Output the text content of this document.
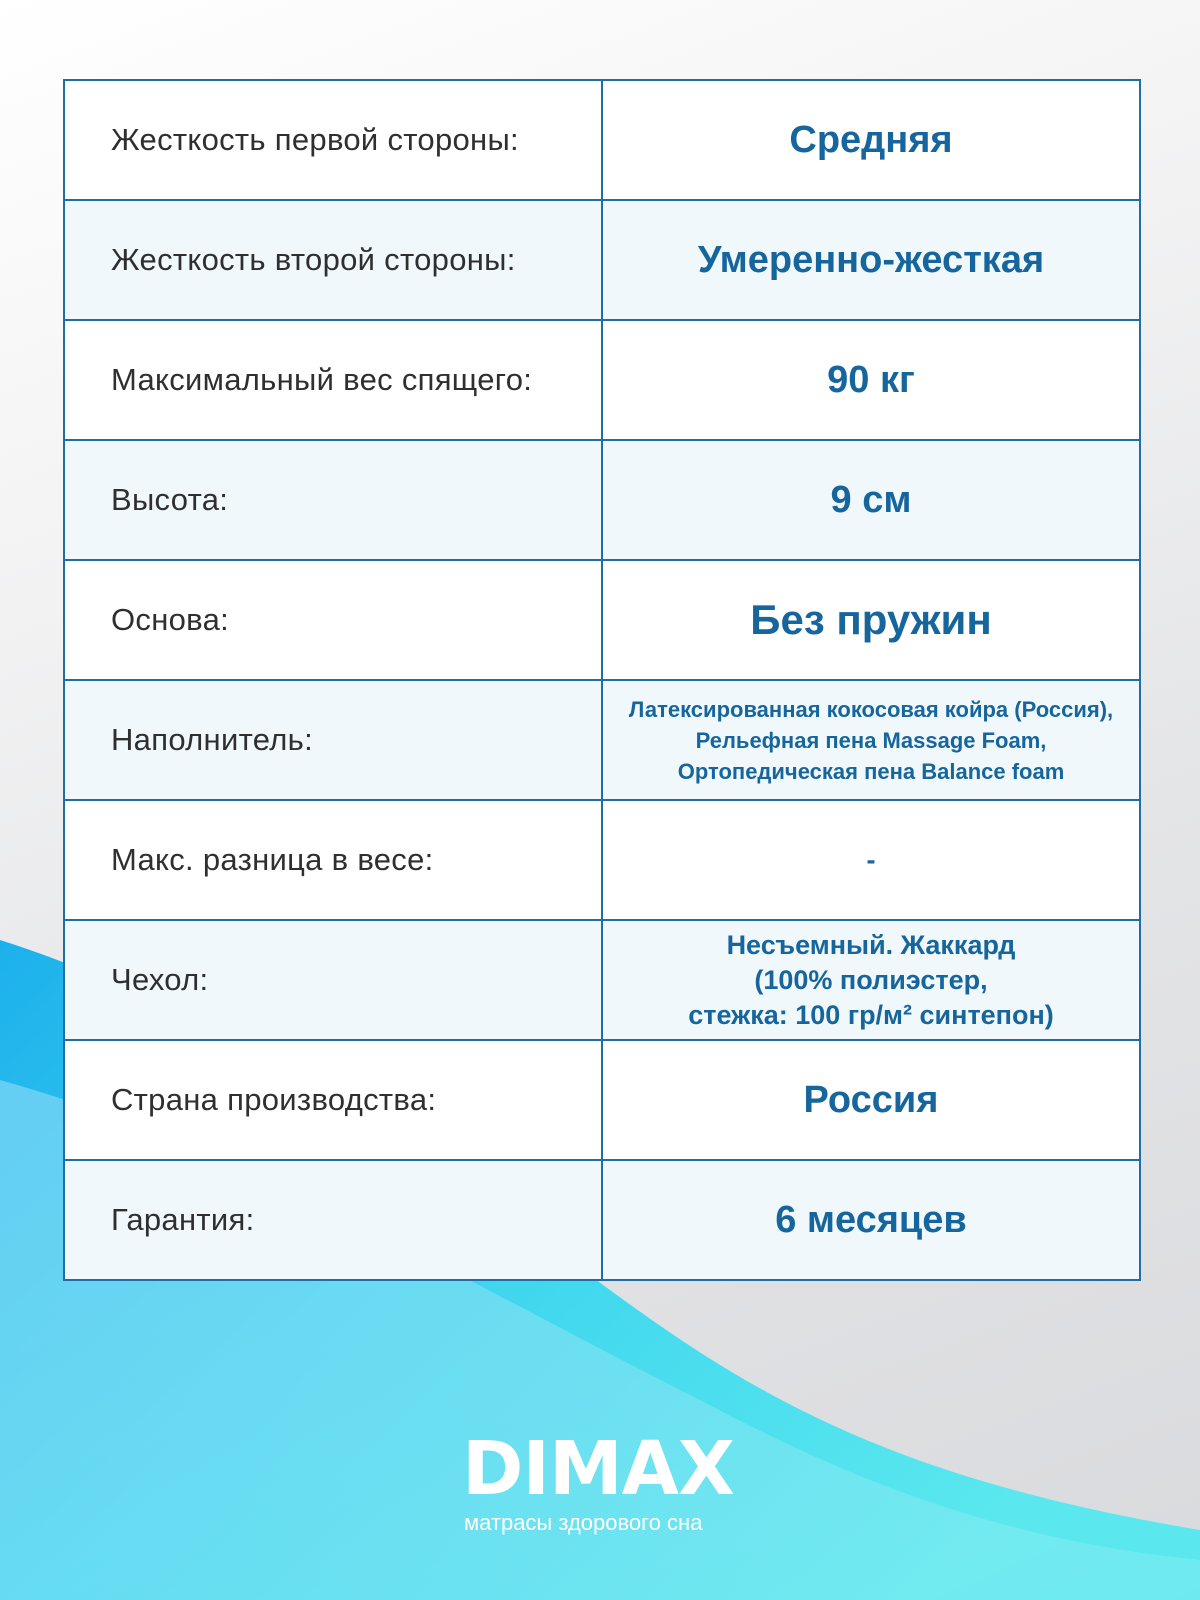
Жесткость первой стороны:	Средняя

Жесткость второй стороны:	Умеренно-жесткая

Максимальный вес спящего:	90 кг

Высота:	9 см

Основа:	Без пружин

Наполнитель:	Латексированная кокосовая койра (Россия),
Рельефная пена Massage Foam,
Ортопедическая пена Balance foam

Макс. разница в весе:	-

Чехол:	Несъемный. Жаккард
(100% полиэстер,
стежка: 100 гр/м² синтепон)

Страна производства:	Россия

Гарантия:	6 месяцев
DIMAX
матрасы здорового сна
